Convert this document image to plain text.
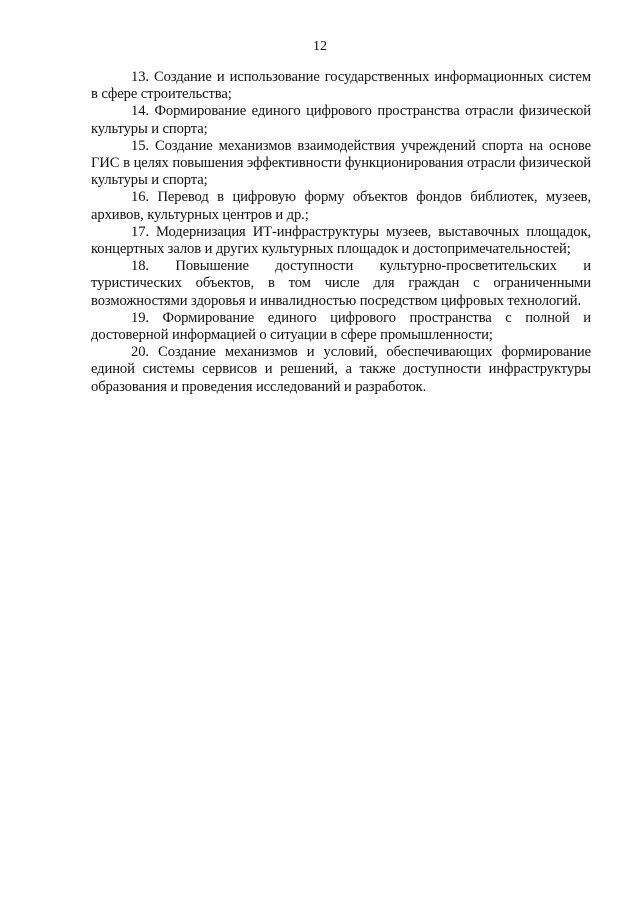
12

13. Создание и использование государственных информационных систем в сфере строительства;

14. Формирование единого цифрового пространства отрасли физической культуры и спорта;

15. Создание механизмов взаимодействия учреждений спорта на основе ГИС в целях повышения эффективности функционирования отрасли физической культуры и спорта;

16. Перевод в цифровую форму объектов фондов библиотек, музеев, архивов, культурных центров и др.;

17. Модернизация ИТ-инфраструктуры музеев, выставочных площадок, концертных залов и других культурных площадок и достопримечательностей;

18. Повышение доступности культурно-просветительских и туристических объектов, в том числе для граждан с ограниченными возможностями здоровья и инвалидностью посредством цифровых технологий.

19. Формирование единого цифрового пространства с полной и достоверной информацией о ситуации в сфере промышленности;

20. Создание механизмов и условий, обеспечивающих формирование единой системы сервисов и решений, а также доступности инфраструктуры образования и проведения исследований и разработок.
